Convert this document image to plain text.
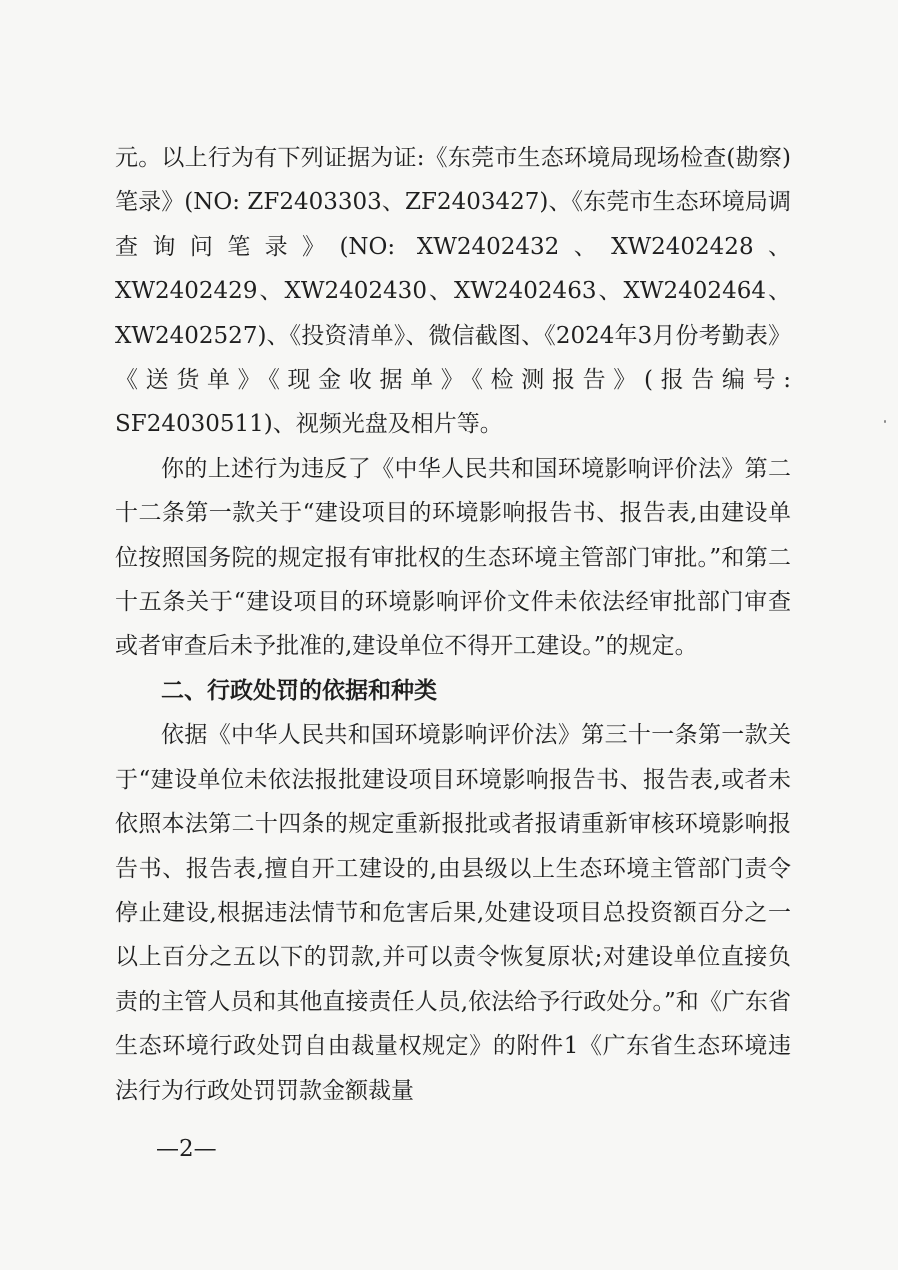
元。以上行为有下列证据为证:《东莞市生态环境局现场检查(勘察)笔录》(NO: ZF2403303、ZF2403427)、《东莞市生态环境局调查询问笔录》(NO: XW2402432、XW2402428、XW2402429、XW2402430、XW2402463、XW2402464、XW2402527)、《投资清单》、微信截图、《2024年3月份考勤表》《送货单》《现金收据单》《检测报告》(报告编号: SF24030511)、视频光盘及相片等。

你的上述行为违反了《中华人民共和国环境影响评价法》第二十二条第一款关于“建设项目的环境影响报告书、报告表,由建设单位按照国务院的规定报有审批权的生态环境主管部门审批。”和第二十五条关于“建设项目的环境影响评价文件未依法经审批部门审查或者审查后未予批准的,建设单位不得开工建设。”的规定。

二、行政处罚的依据和种类

依据《中华人民共和国环境影响评价法》第三十一条第一款关于“建设单位未依法报批建设项目环境影响报告书、报告表,或者未依照本法第二十四条的规定重新报批或者报请重新审核环境影响报告书、报告表,擅自开工建设的,由县级以上生态环境主管部门责令停止建设,根据违法情节和危害后果,处建设项目总投资额百分之一以上百分之五以下的罚款,并可以责令恢复原状;对建设单位直接负责的主管人员和其他直接责任人员,依法给予行政处分。”和《广东省生态环境行政处罚自由裁量权规定》的附件1《广东省生态环境违法行为行政处罚罚款金额裁量

—2—
